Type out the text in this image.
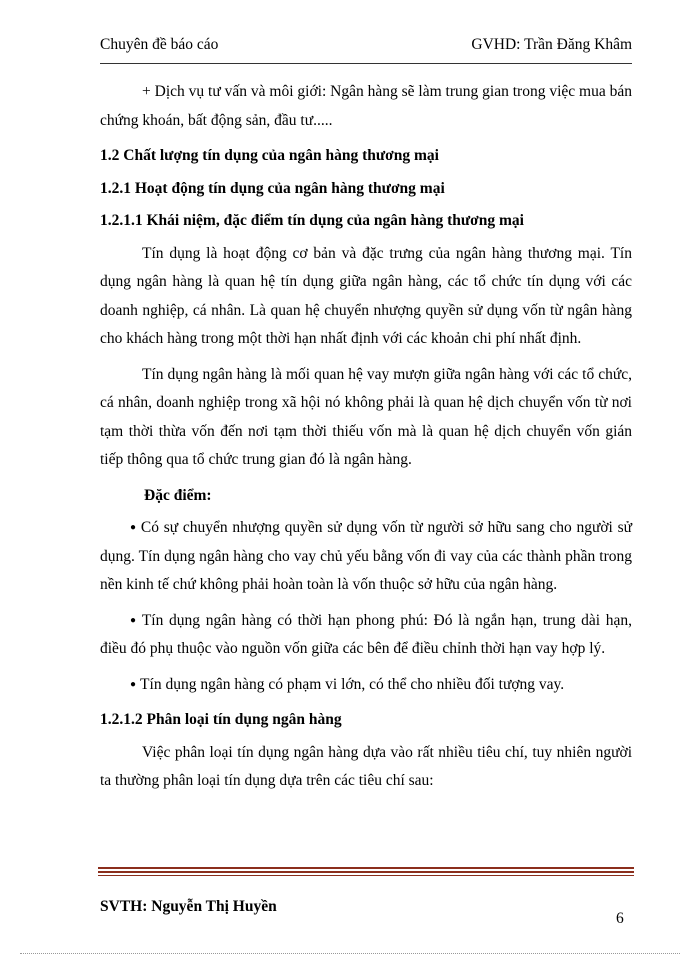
Chuyên đề báo cáo	GVHD: Trần Đăng Khâm

+ Dịch vụ tư vấn và môi giới: Ngân hàng sẽ làm trung gian trong việc mua bán chứng khoán, bất động sản, đầu tư.....

1.2 Chất lượng tín dụng của ngân hàng thương mại
1.2.1 Hoạt động tín dụng của ngân hàng thương mại
1.2.1.1 Khái niệm, đặc điểm tín dụng của ngân hàng thương mại

Tín dụng là hoạt động cơ bản và đặc trưng của ngân hàng thương mại. Tín dụng ngân hàng là quan hệ tín dụng giữa ngân hàng, các tổ chức tín dụng với các doanh nghiệp, cá nhân. Là quan hệ chuyển nhượng quyền sử dụng vốn từ ngân hàng cho khách hàng trong một thời hạn nhất định với các khoản chi phí nhất định.

Tín dụng ngân hàng là mối quan hệ vay mượn giữa ngân hàng với các tổ chức, cá nhân, doanh nghiệp trong xã hội nó không phải là quan hệ dịch chuyển vốn từ nơi tạm thời thừa vốn đến nơi tạm thời thiếu vốn mà là quan hệ dịch chuyển vốn gián tiếp thông qua tổ chức trung gian đó là ngân hàng.

Đặc điểm:

● Có sự chuyển nhượng quyền sử dụng vốn từ người sở hữu sang cho người sử dụng. Tín dụng ngân hàng cho vay chủ yếu bằng vốn đi vay của các thành phần trong nền kinh tế chứ không phải hoàn toàn là vốn thuộc sở hữu của ngân hàng.

● Tín dụng ngân hàng có thời hạn phong phú: Đó là ngắn hạn, trung dài hạn, điều đó phụ thuộc vào nguồn vốn giữa các bên để điều chỉnh thời hạn vay hợp lý.

● Tín dụng ngân hàng có phạm vi lớn, có thể cho nhiều đối tượng vay.

1.2.1.2 Phân loại tín dụng ngân hàng

Việc phân loại tín dụng ngân hàng dựa vào rất nhiều tiêu chí, tuy nhiên người ta thường phân loại tín dụng dựa trên các tiêu chí sau:

SVTH: Nguyễn Thị Huyền
6
